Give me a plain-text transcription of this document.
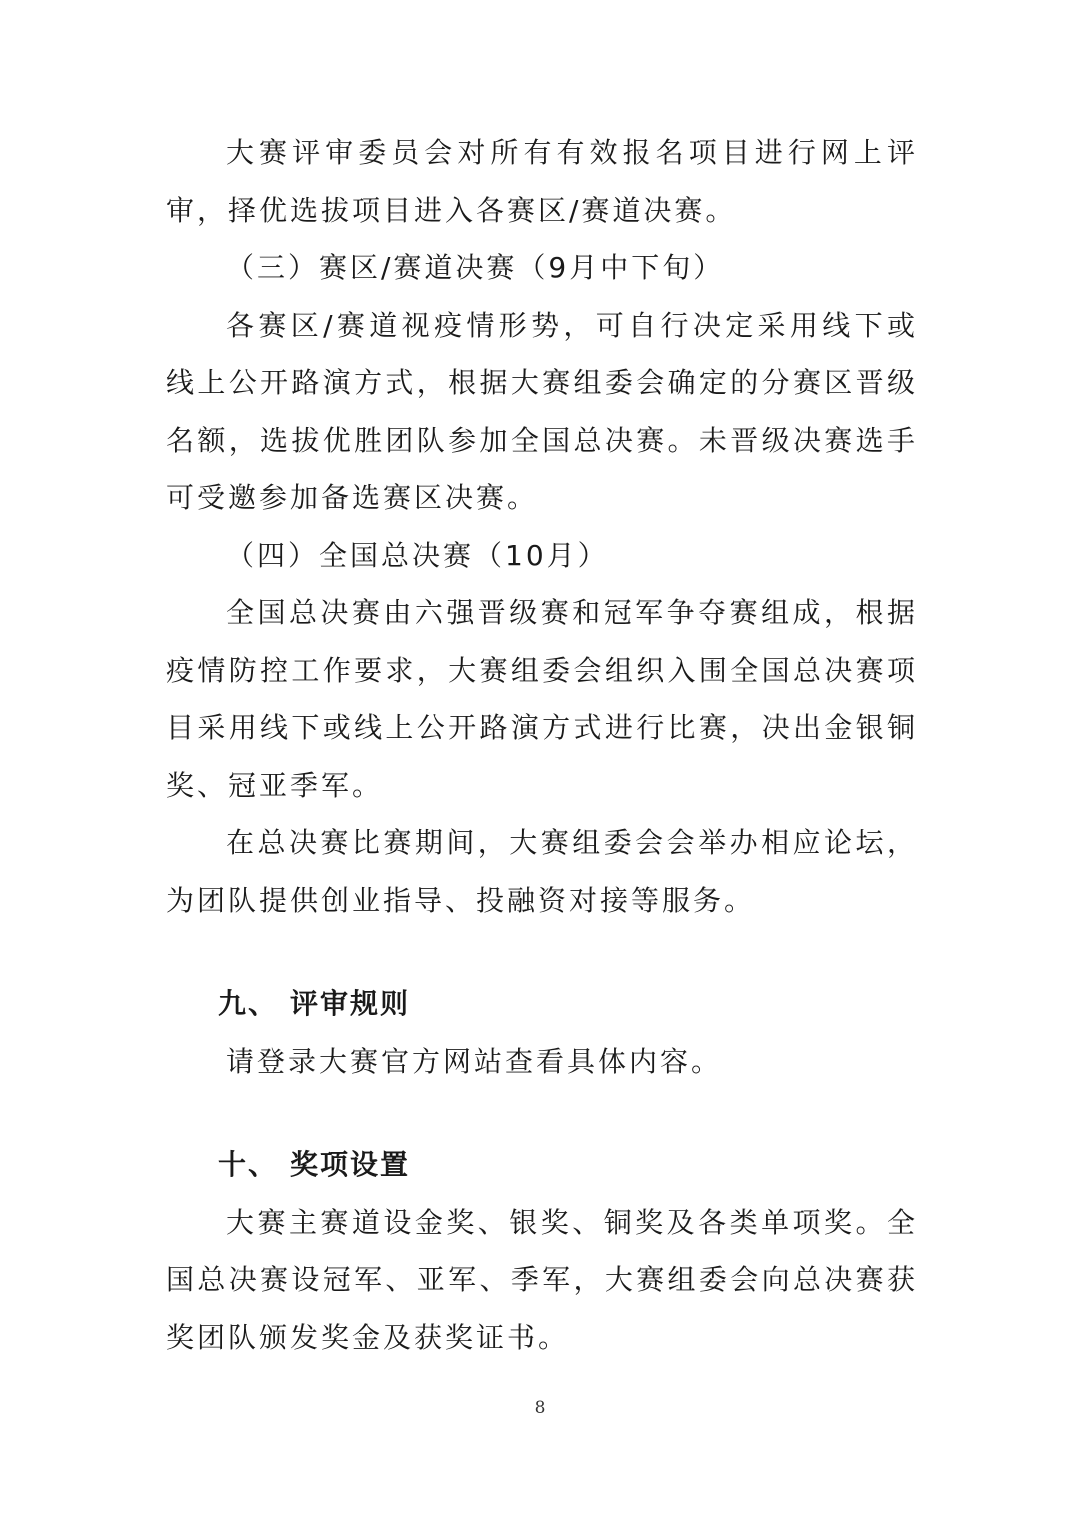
大赛评审委员会对所有有效报名项目进行网上评审，择优选拔项目进入各赛区/赛道决赛。

（三）赛区/赛道决赛（9月中下旬）

各赛区/赛道视疫情形势，可自行决定采用线下或线上公开路演方式，根据大赛组委会确定的分赛区晋级名额，选拔优胜团队参加全国总决赛。未晋级决赛选手可受邀参加备选赛区决赛。

（四）全国总决赛（10月）

全国总决赛由六强晋级赛和冠军争夺赛组成，根据疫情防控工作要求，大赛组委会组织入围全国总决赛项目采用线下或线上公开路演方式进行比赛，决出金银铜奖、冠亚季军。

在总决赛比赛期间，大赛组委会会举办相应论坛，为团队提供创业指导、投融资对接等服务。

九、 评审规则

请登录大赛官方网站查看具体内容。

十、 奖项设置

大赛主赛道设金奖、银奖、铜奖及各类单项奖。全国总决赛设冠军、亚军、季军，大赛组委会向总决赛获奖团队颁发奖金及获奖证书。

8
